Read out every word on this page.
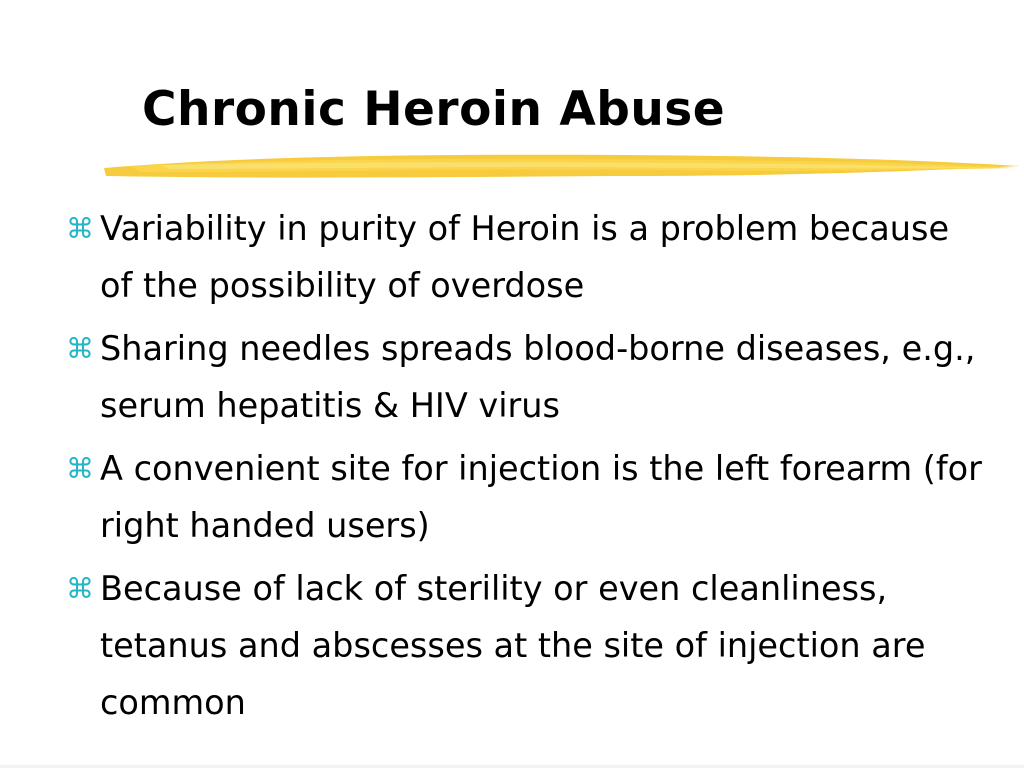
Chronic Heroin Abuse
⌘ Variability in purity of Heroin is a problem because of the possibility of overdose
⌘ Sharing needles spreads blood-borne diseases, e.g., serum hepatitis & HIV virus
⌘ A convenient site for injection is the left forearm (for right handed users)
⌘ Because of lack of sterility or even cleanliness, tetanus and abscesses at the site of injection are common
